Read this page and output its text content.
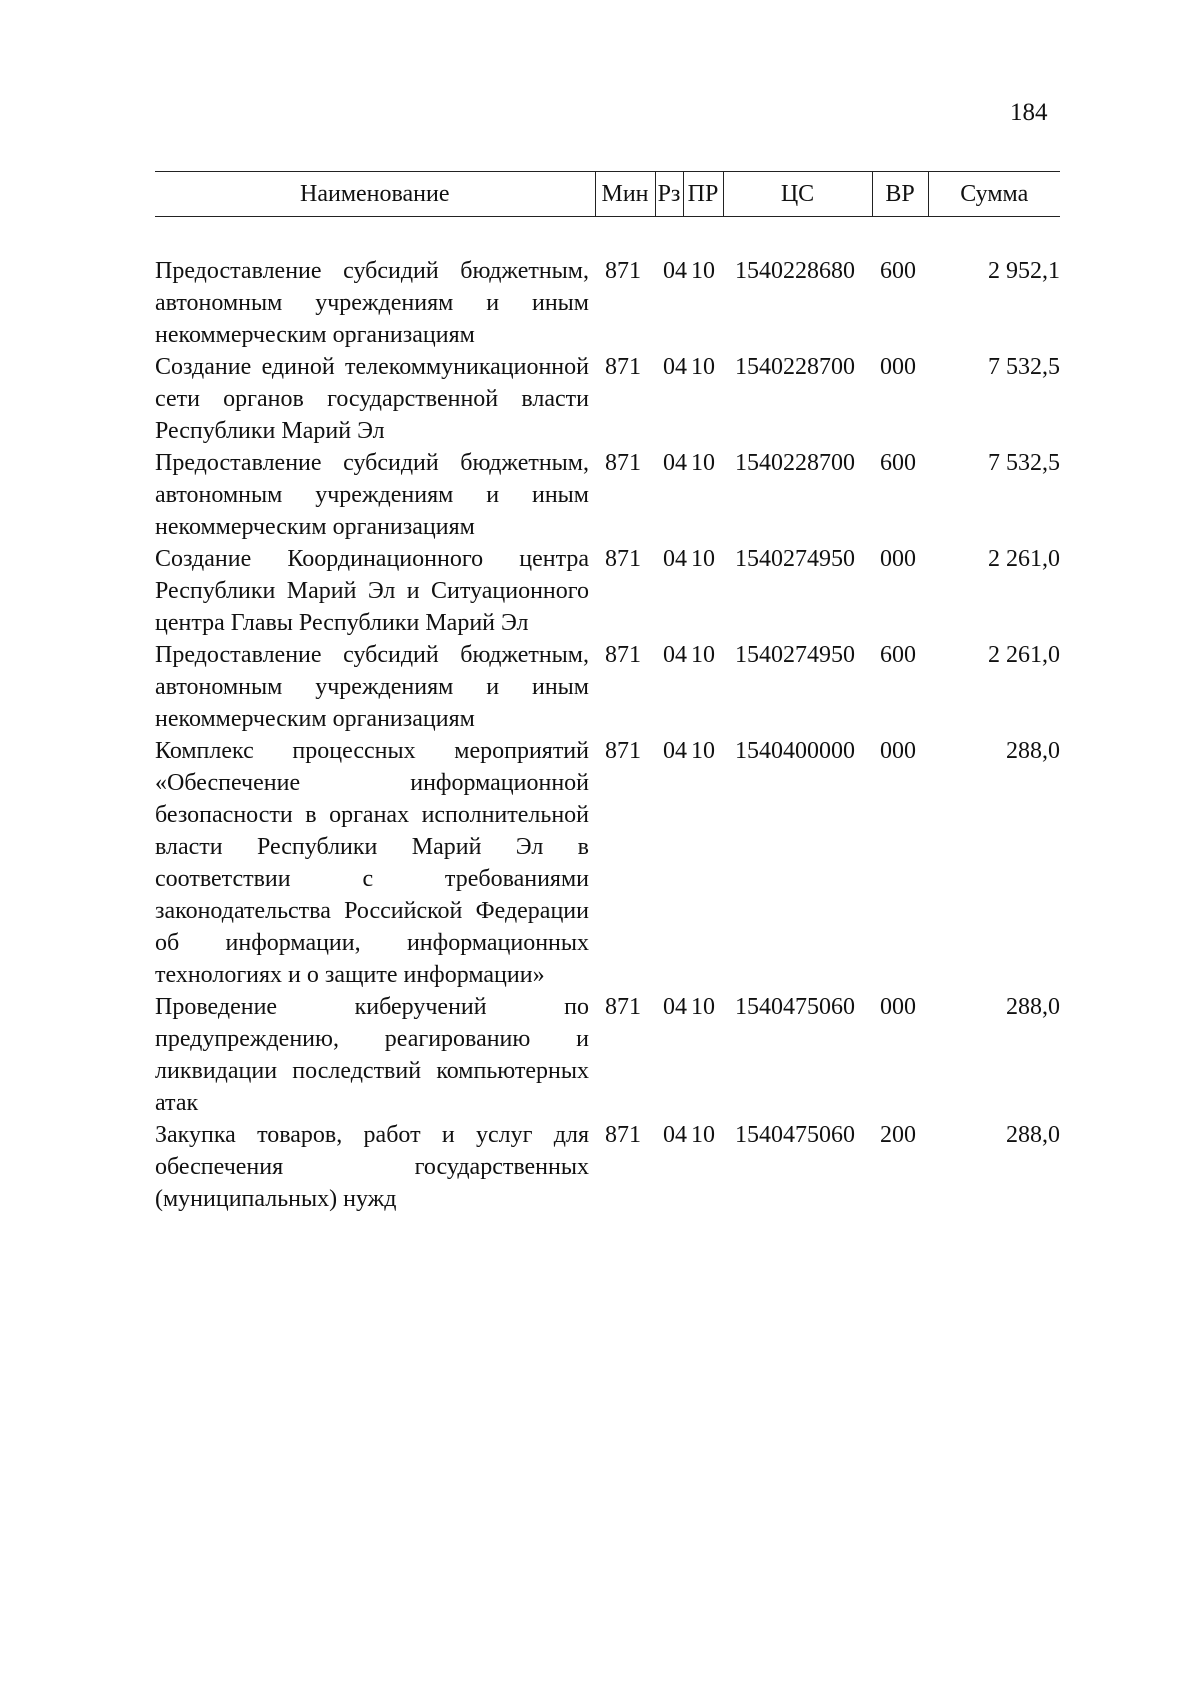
184
Наименование	Мин	Рз	ПР	ЦС	ВР	Сумма

Предоставление субсидий бюджетным, автономным учреждениям и иным некоммерческим организациям	871	04	10	1540228680	600	2 952,1
Создание единой телекоммуникационной сети органов государственной власти Республики Марий Эл	871	04	10	1540228700	000	7 532,5
Предоставление субсидий бюджетным, автономным учреждениям и иным некоммерческим организациям	871	04	10	1540228700	600	7 532,5
Создание Координационного центра Республики Марий Эл и Ситуационного центра Главы Республики Марий Эл	871	04	10	1540274950	000	2 261,0
Предоставление субсидий бюджетным, автономным учреждениям и иным некоммерческим организациям	871	04	10	1540274950	600	2 261,0
Комплекс процессных мероприятий «Обеспечение информационной безопасности в органах исполнительной власти Республики Марий Эл в соответствии с требованиями законодательства Российской Федерации об информации, информационных технологиях и о защите информации»	871	04	10	1540400000	000	288,0
Проведение киберучений по предупреждению, реагированию и ликвидации последствий компьютерных атак	871	04	10	1540475060	000	288,0
Закупка товаров, работ и услуг для обеспечения государственных (муниципальных) нужд	871	04	10	1540475060	200	288,0
